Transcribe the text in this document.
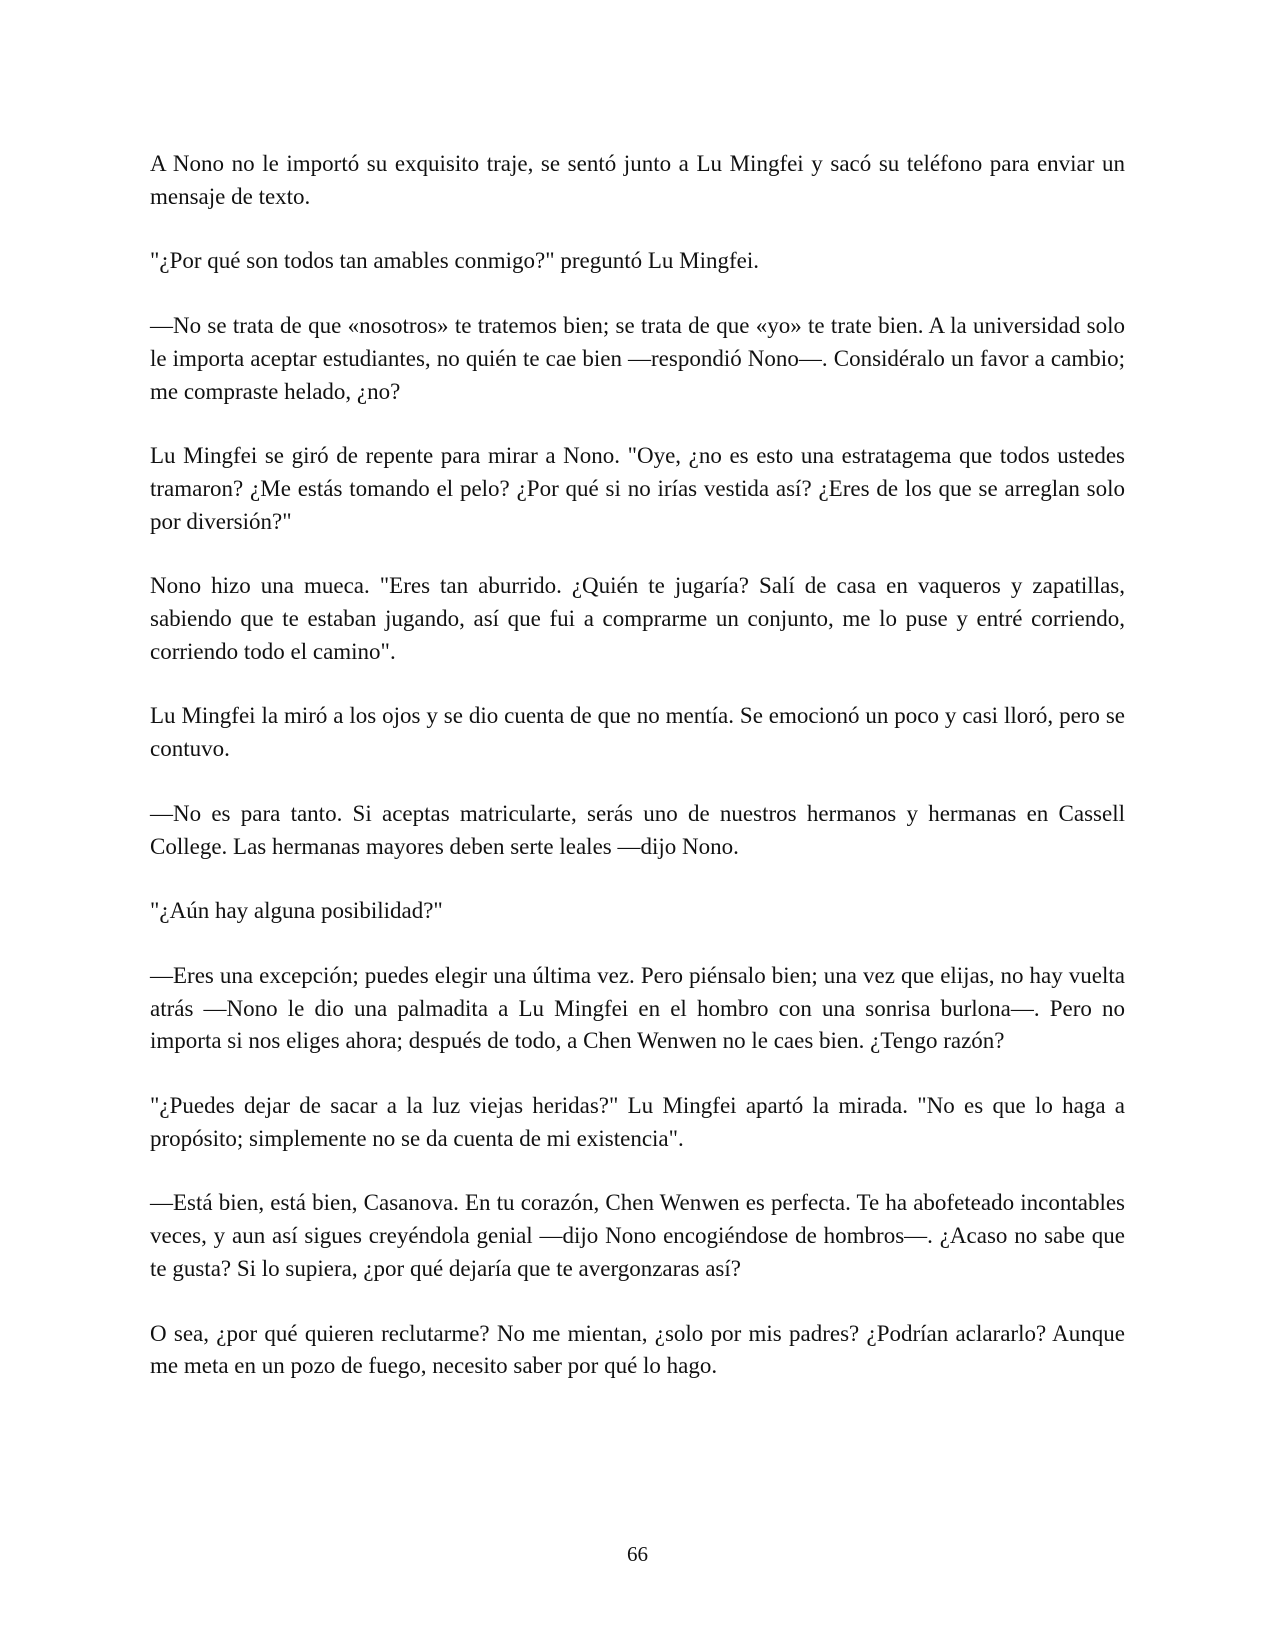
A Nono no le importó su exquisito traje, se sentó junto a Lu Mingfei y sacó su teléfono para enviar un mensaje de texto.

"¿Por qué son todos tan amables conmigo?" preguntó Lu Mingfei.

—No se trata de que «nosotros» te tratemos bien; se trata de que «yo» te trate bien. A la universidad solo le importa aceptar estudiantes, no quién te cae bien —respondió Nono—. Considéralo un favor a cambio; me compraste helado, ¿no?

Lu Mingfei se giró de repente para mirar a Nono. "Oye, ¿no es esto una estratagema que todos ustedes tramaron? ¿Me estás tomando el pelo? ¿Por qué si no irías vestida así? ¿Eres de los que se arreglan solo por diversión?"

Nono hizo una mueca. "Eres tan aburrido. ¿Quién te jugaría? Salí de casa en vaqueros y zapatillas, sabiendo que te estaban jugando, así que fui a comprarme un conjunto, me lo puse y entré corriendo, corriendo todo el camino".

Lu Mingfei la miró a los ojos y se dio cuenta de que no mentía. Se emocionó un poco y casi lloró, pero se contuvo.

—No es para tanto. Si aceptas matricularte, serás uno de nuestros hermanos y hermanas en Cassell College. Las hermanas mayores deben serte leales —dijo Nono.

"¿Aún hay alguna posibilidad?"

—Eres una excepción; puedes elegir una última vez. Pero piénsalo bien; una vez que elijas, no hay vuelta atrás —Nono le dio una palmadita a Lu Mingfei en el hombro con una sonrisa burlona—. Pero no importa si nos eliges ahora; después de todo, a Chen Wenwen no le caes bien. ¿Tengo razón?

"¿Puedes dejar de sacar a la luz viejas heridas?" Lu Mingfei apartó la mirada. "No es que lo haga a propósito; simplemente no se da cuenta de mi existencia".

—Está bien, está bien, Casanova. En tu corazón, Chen Wenwen es perfecta. Te ha abofeteado incontables veces, y aun así sigues creyéndola genial —dijo Nono encogiéndose de hombros—. ¿Acaso no sabe que te gusta? Si lo supiera, ¿por qué dejaría que te avergonzaras así?

O sea, ¿por qué quieren reclutarme? No me mientan, ¿solo por mis padres? ¿Podrían aclararlo? Aunque me meta en un pozo de fuego, necesito saber por qué lo hago.

66
